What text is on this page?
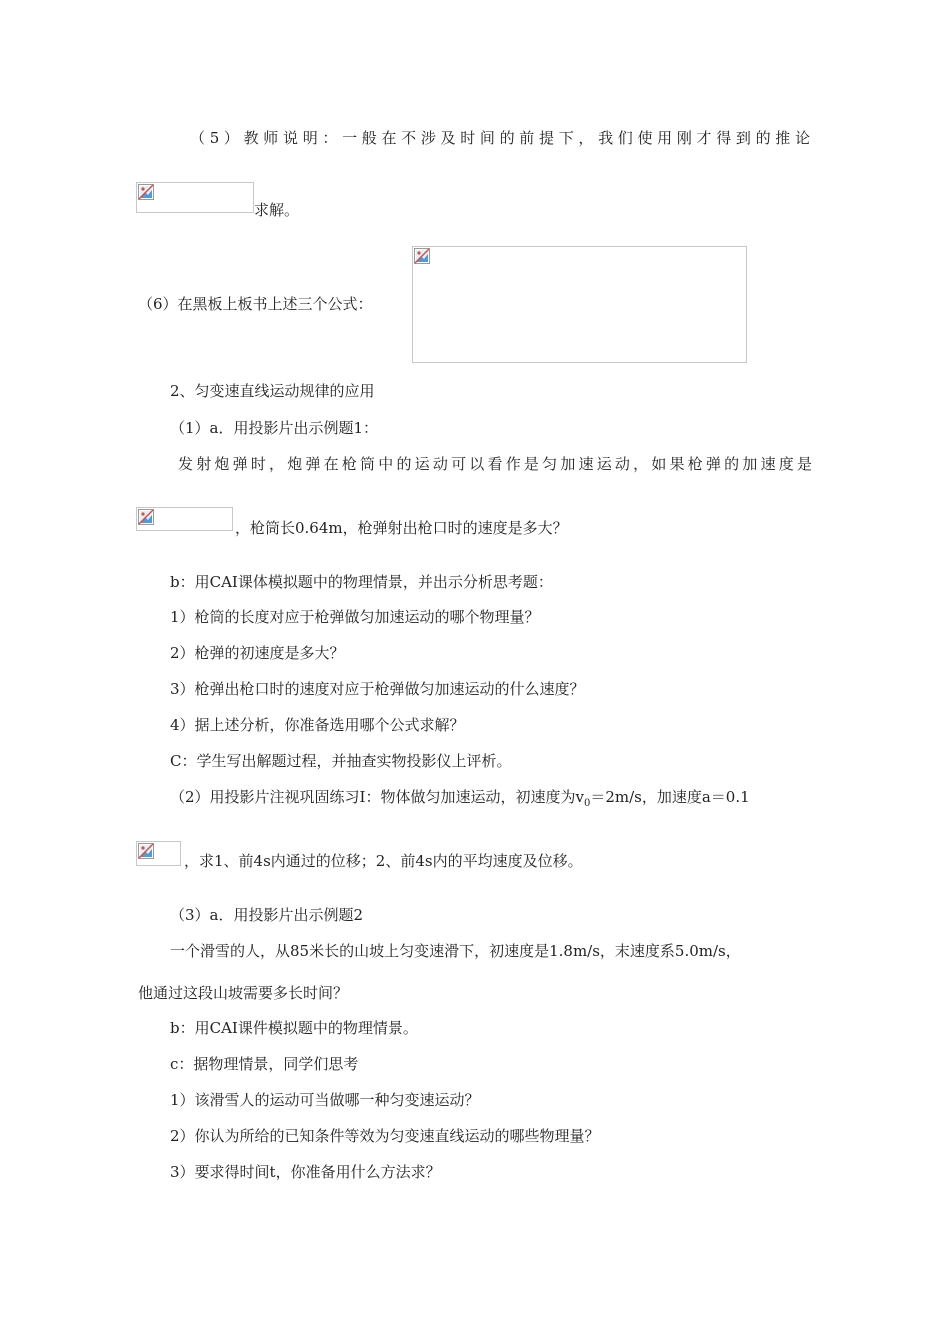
（5）教师说明：一般在不涉及时间的前提下，我们使用刚才得到的推论
求解。
（6）在黑板上板书上述三个公式：
2、匀变速直线运动规律的应用
（1）a．用投影片出示例题1：
发射炮弹时，炮弹在枪筒中的运动可以看作是匀加速运动，如果枪弹的加速度是
，枪筒长0.64m，枪弹射出枪口时的速度是多大？
b：用CAI课体模拟题中的物理情景，并出示分析思考题：
1）枪筒的长度对应于枪弹做匀加速运动的哪个物理量？
2）枪弹的初速度是多大？
3）枪弹出枪口时的速度对应于枪弹做匀加速运动的什么速度？
4）据上述分析，你准备选用哪个公式求解？
C：学生写出解题过程，并抽查实物投影仪上评析。
（2）用投影片注视巩固练习I：物体做匀加速运动，初速度为$v_0=2m/s$，加速度a＝0.1
，求1、前4s内通过的位移；2、前4s内的平均速度及位移。
（3）a．用投影片出示例题2
一个滑雪的人，从85米长的山坡上匀变速滑下，初速度是1.8m/s，末速度系5.0m/s，
他通过这段山坡需要多长时间？
b：用CAI课件模拟题中的物理情景。
c：据物理情景，同学们思考
1）该滑雪人的运动可当做哪一种匀变速运动？
2）你认为所给的已知条件等效为匀变速直线运动的哪些物理量？
3）要求得时间t，你准备用什么方法求？
